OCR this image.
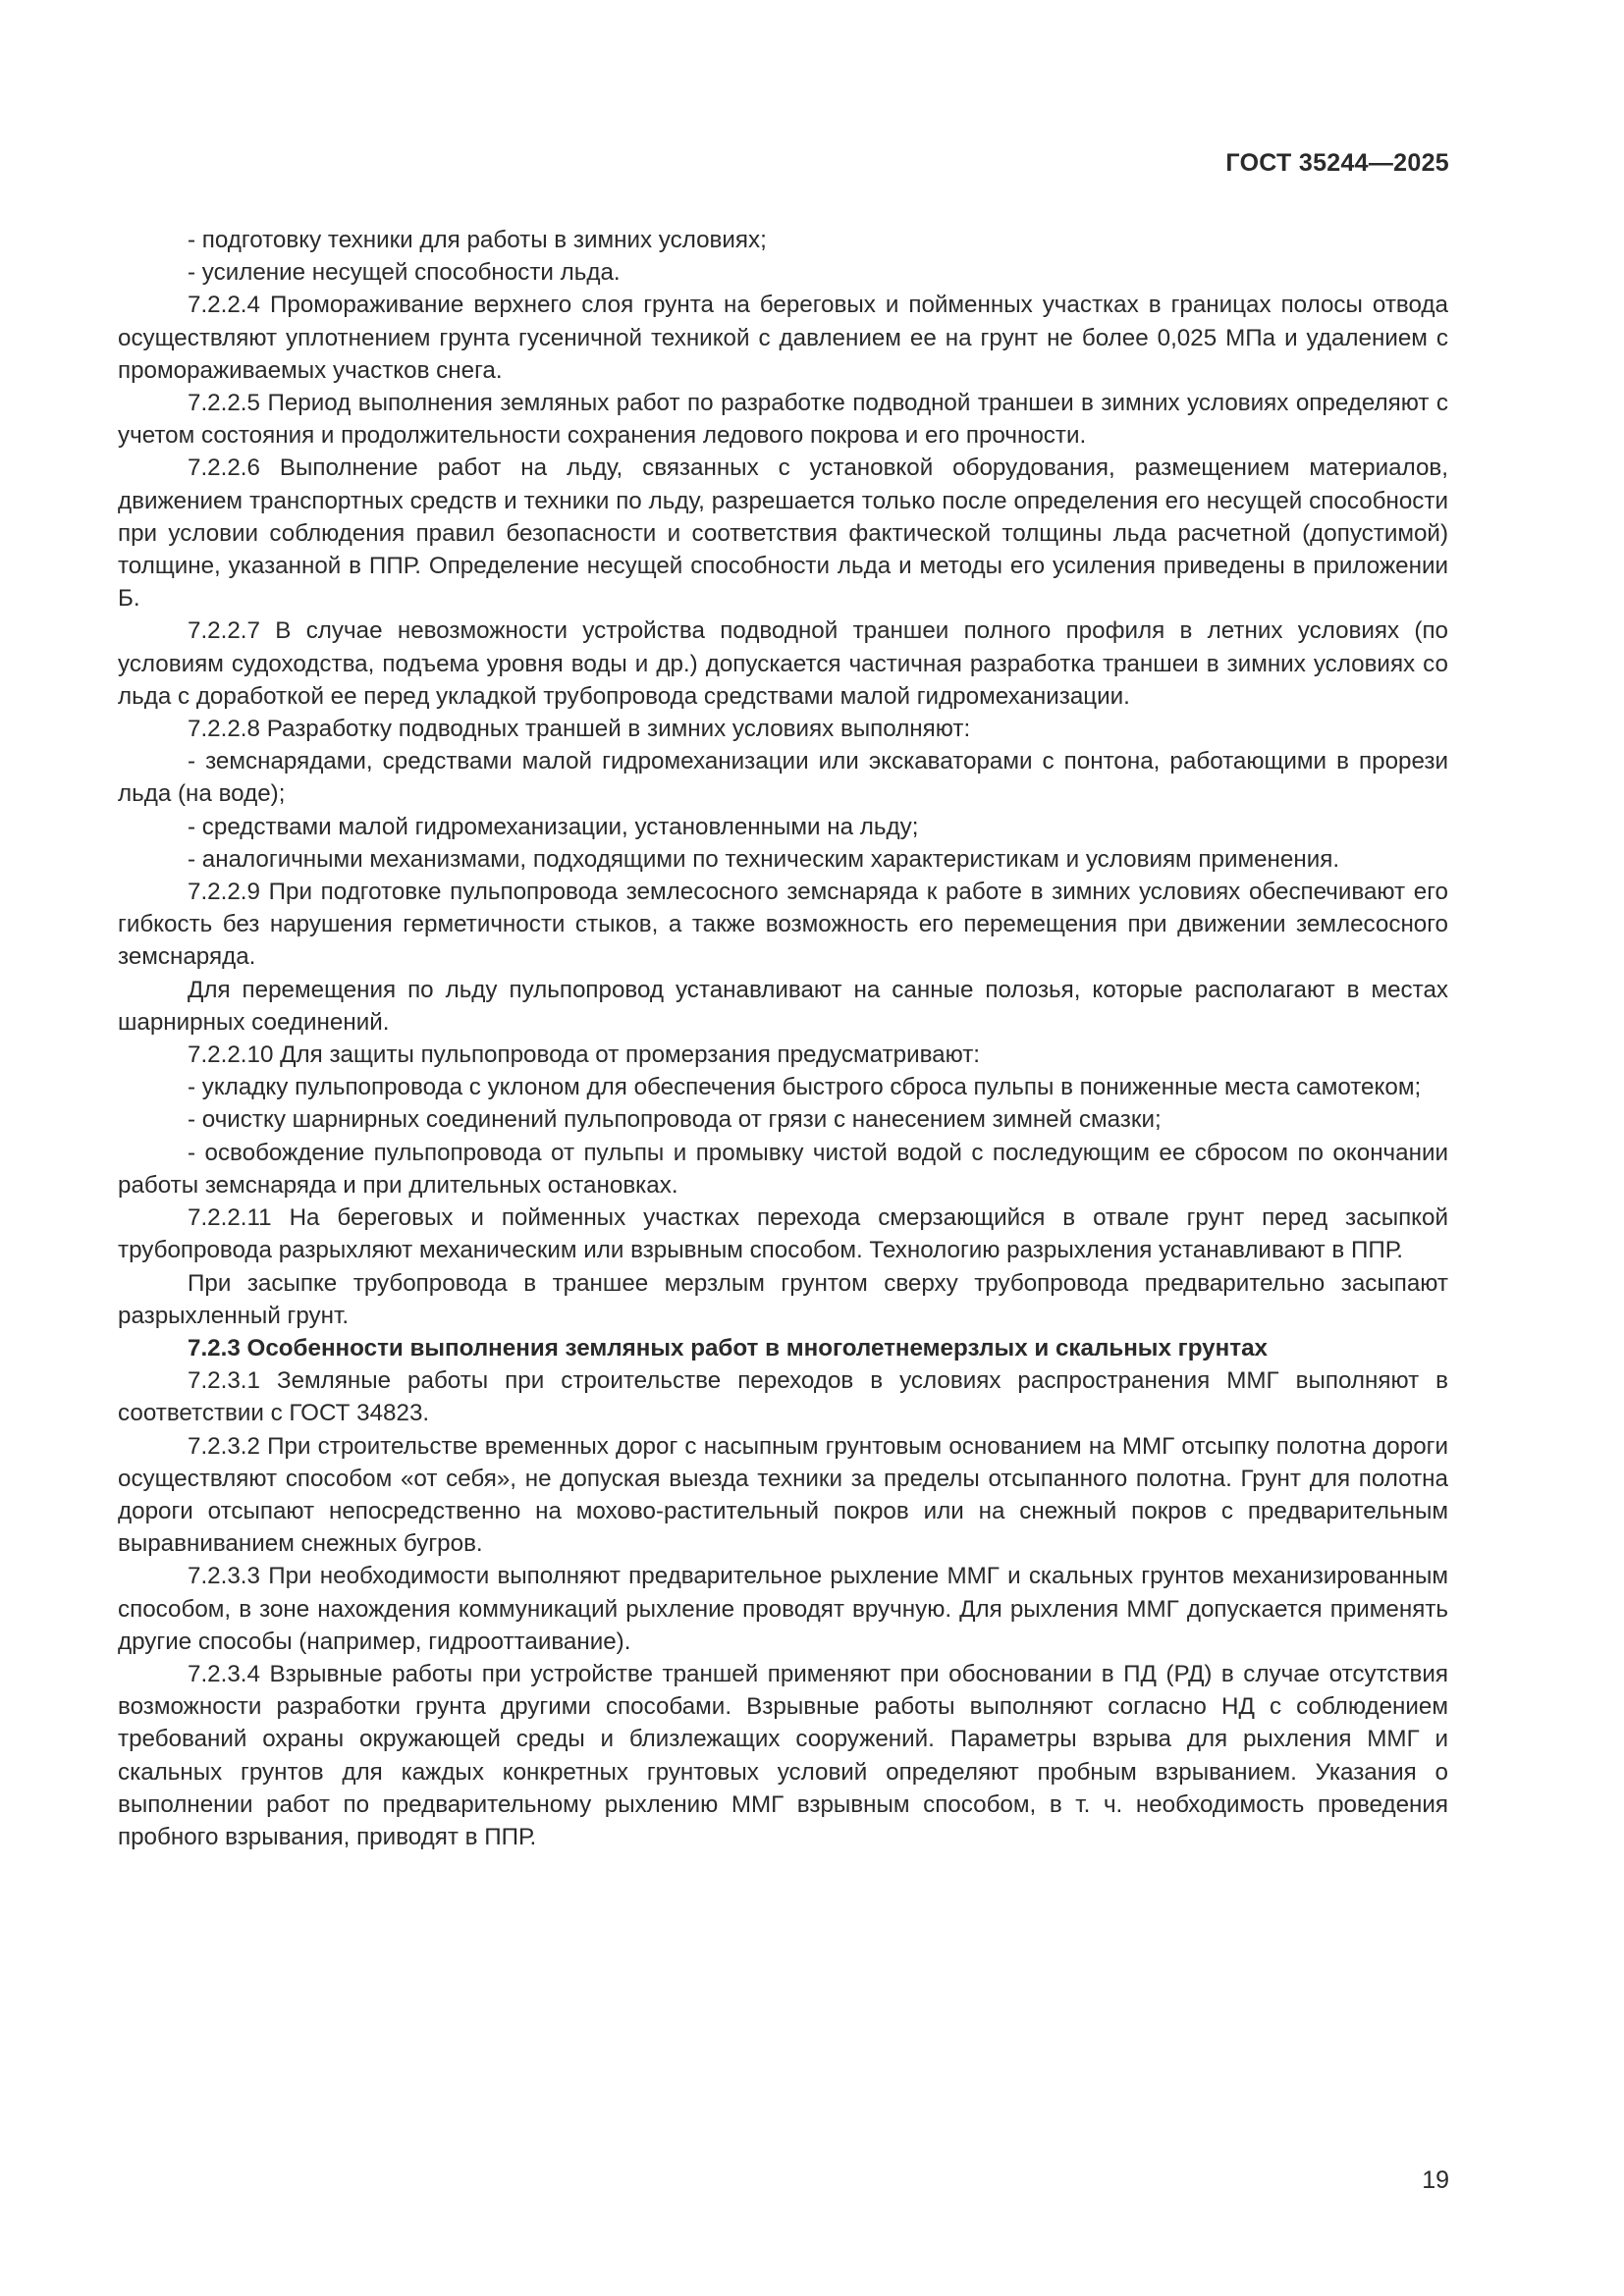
ГОСТ 35244—2025

- подготовку техники для работы в зимних условиях;

- усиление несущей способности льда.

7.2.2.4 Промораживание верхнего слоя грунта на береговых и пойменных участках в границах полосы отвода осуществляют уплотнением грунта гусеничной техникой с давлением ее на грунт не более 0,025 МПа и удалением с промораживаемых участков снега.

7.2.2.5 Период выполнения земляных работ по разработке подводной траншеи в зимних условиях определяют с учетом состояния и продолжительности сохранения ледового покрова и его прочности.

7.2.2.6 Выполнение работ на льду, связанных с установкой оборудования, размещением материалов, движением транспортных средств и техники по льду, разрешается только после определения его несущей способности при условии соблюдения правил безопасности и соответствия фактической толщины льда расчетной (допустимой) толщине, указанной в ППР. Определение несущей способности льда и методы его усиления приведены в приложении Б.

7.2.2.7 В случае невозможности устройства подводной траншеи полного профиля в летних условиях (по условиям судоходства, подъема уровня воды и др.) допускается частичная разработка траншеи в зимних условиях со льда с доработкой ее перед укладкой трубопровода средствами малой гидромеханизации.

7.2.2.8 Разработку подводных траншей в зимних условиях выполняют:

- земснарядами, средствами малой гидромеханизации или экскаваторами с понтона, работающими в прорези льда (на воде);

- средствами малой гидромеханизации, установленными на льду;

- аналогичными механизмами, подходящими по техническим характеристикам и условиям применения.

7.2.2.9 При подготовке пульпопровода землесосного земснаряда к работе в зимних условиях обеспечивают его гибкость без нарушения герметичности стыков, а также возможность его перемещения при движении землесосного земснаряда.

Для перемещения по льду пульпопровод устанавливают на санные полозья, которые располагают в местах шарнирных соединений.

7.2.2.10 Для защиты пульпопровода от промерзания предусматривают:

- укладку пульпопровода с уклоном для обеспечения быстрого сброса пульпы в пониженные места самотеком;

- очистку шарнирных соединений пульпопровода от грязи с нанесением зимней смазки;

- освобождение пульпопровода от пульпы и промывку чистой водой с последующим ее сбросом по окончании работы земснаряда и при длительных остановках.

7.2.2.11 На береговых и пойменных участках перехода смерзающийся в отвале грунт перед засыпкой трубопровода разрыхляют механическим или взрывным способом. Технологию разрыхления устанавливают в ППР.

При засыпке трубопровода в траншее мерзлым грунтом сверху трубопровода предварительно засыпают разрыхленный грунт.

7.2.3 Особенности выполнения земляных работ в многолетнемерзлых и скальных грунтах

7.2.3.1 Земляные работы при строительстве переходов в условиях распространения ММГ выполняют в соответствии с ГОСТ 34823.

7.2.3.2 При строительстве временных дорог с насыпным грунтовым основанием на ММГ отсыпку полотна дороги осуществляют способом «от себя», не допуская выезда техники за пределы отсыпанного полотна. Грунт для полотна дороги отсыпают непосредственно на мохово-растительный покров или на снежный покров с предварительным выравниванием снежных бугров.

7.2.3.3 При необходимости выполняют предварительное рыхление ММГ и скальных грунтов механизированным способом, в зоне нахождения коммуникаций рыхление проводят вручную. Для рыхления ММГ допускается применять другие способы (например, гидрооттаивание).

7.2.3.4 Взрывные работы при устройстве траншей применяют при обосновании в ПД (РД) в случае отсутствия возможности разработки грунта другими способами. Взрывные работы выполняют согласно НД с соблюдением требований охраны окружающей среды и близлежащих сооружений. Параметры взрыва для рыхления ММГ и скальных грунтов для каждых конкретных грунтовых условий определяют пробным взрыванием. Указания о выполнении работ по предварительному рыхлению ММГ взрывным способом, в т. ч. необходимость проведения пробного взрывания, приводят в ППР.

19
